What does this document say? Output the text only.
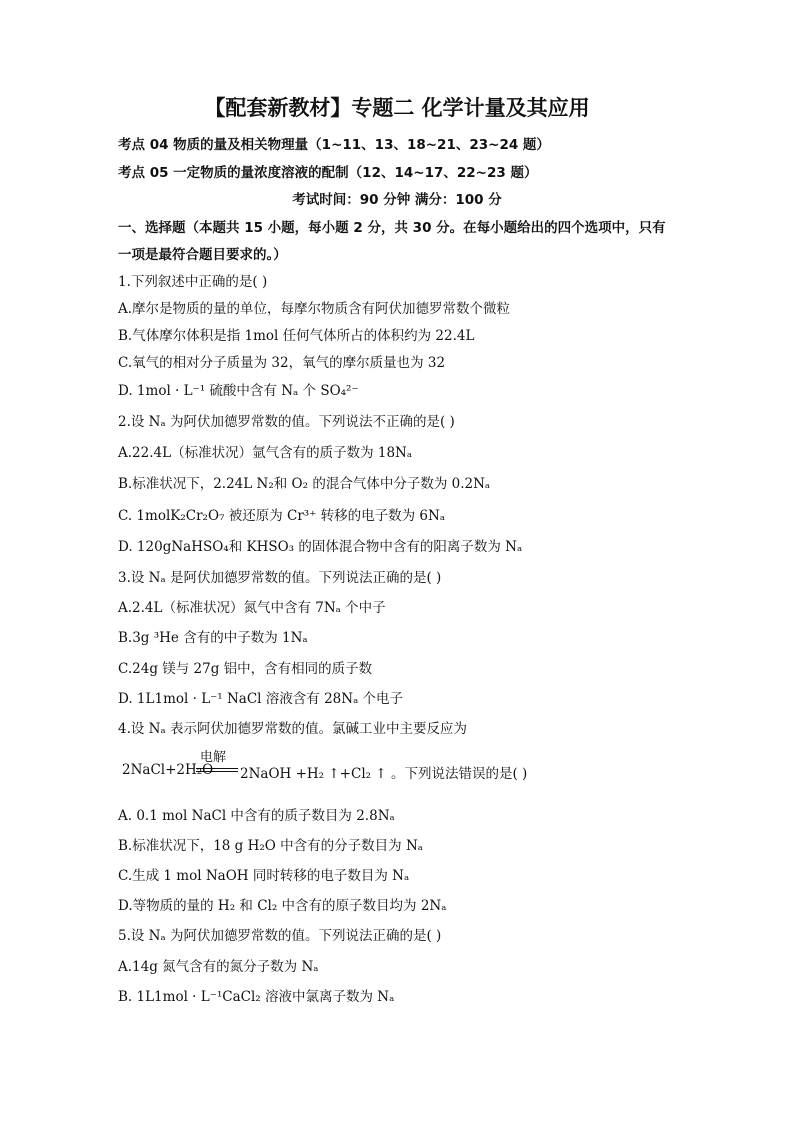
【配套新教材】专题二 化学计量及其应用
考点 04 物质的量及相关物理量（1~11、13、18~21、23~24 题）
考点 05 一定物质的量浓度溶液的配制（12、14~17、22~23 题）
考试时间：90 分钟 满分：100 分
一、选择题（本题共 15 小题，每小题 2 分，共 30 分。在每小题给出的四个选项中，只有
一项是最符合题目要求的。）
1.下列叙述中正确的是( )
A.摩尔是物质的量的单位，每摩尔物质含有阿伏加德罗常数个微粒
B.气体摩尔体积是指 1mol 任何气体所占的体积约为 22.4L
C.氧气的相对分子质量为 32，氧气的摩尔质量也为 32
D. 1mol · L⁻¹ 硫酸中含有 Nₐ 个 SO₄²⁻
2.设 Nₐ 为阿伏加德罗常数的值。下列说法不正确的是( )
A.22.4L（标准状况）氩气含有的质子数为 18Nₐ
B.标准状况下，2.24L N₂和 O₂ 的混合气体中分子数为 0.2Nₐ
C. 1molK₂Cr₂O₇ 被还原为 Cr³⁺ 转移的电子数为 6Nₐ
D. 120gNaHSO₄和 KHSO₃ 的固体混合物中含有的阳离子数为 Nₐ
3.设 Nₐ 是阿伏加德罗常数的值。下列说法正确的是( )
A.2.4L（标准状况）氮气中含有 7Nₐ 个中子
B.3g ³He 含有的中子数为 1Nₐ
C.24g 镁与 27g 铝中，含有相同的质子数
D. 1L1mol · L⁻¹ NaCl 溶液含有 28Nₐ 个电子
4.设 Nₐ 表示阿伏加德罗常数的值。氯碱工业中主要反应为
电解
2NaCl+2H₂O 2NaOH +H₂ ↑+Cl₂ ↑ 。下列说法错误的是( )
A. 0.1 mol NaCl 中含有的质子数目为 2.8Nₐ
B.标准状况下，18 g H₂O 中含有的分子数目为 Nₐ
C.生成 1 mol NaOH 同时转移的电子数目为 Nₐ
D.等物质的量的 H₂ 和 Cl₂ 中含有的原子数目均为 2Nₐ
5.设 Nₐ 为阿伏加德罗常数的值。下列说法正确的是( )
A.14g 氮气含有的氮分子数为 Nₐ
B. 1L1mol · L⁻¹CaCl₂ 溶液中氯离子数为 Nₐ
